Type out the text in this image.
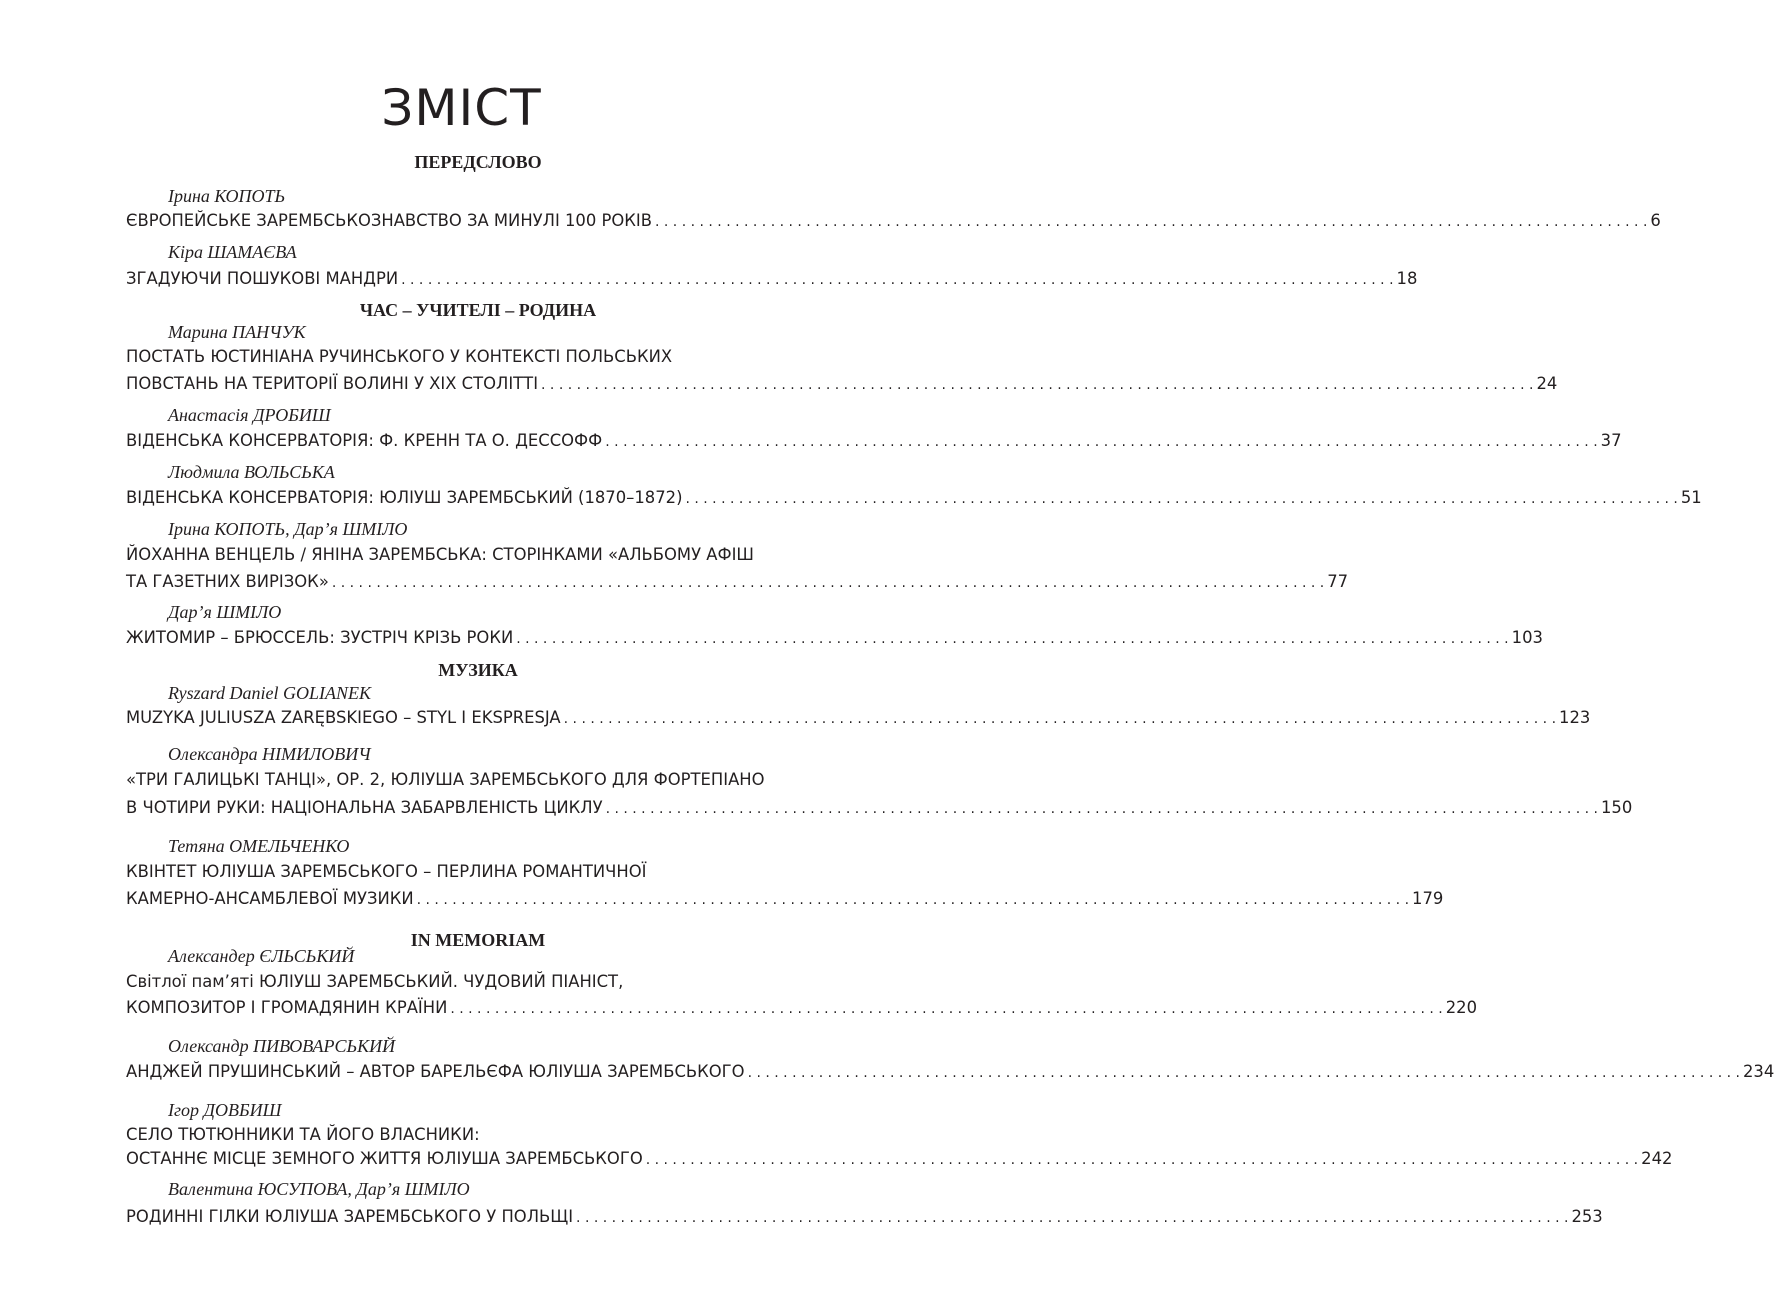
ЗМІСТ
ПЕРЕДСЛОВО
Ірина КОПОТЬ
ЄВРОПЕЙСЬКЕ ЗАРЕМБСЬКОЗНАВСТВО ЗА МИНУЛІ 100 РОКІВ . . .	6
Кіра ШАМАЄВА
ЗГАДУЮЧИ ПОШУКОВІ МАНДРИ . . .	18
ЧАС – УЧИТЕЛІ – РОДИНА
Марина ПАНЧУК
ПОСТАТЬ ЮСТИНІАНА РУЧИНСЬКОГО У КОНТЕКСТІ ПОЛЬСЬКИХ
ПОВСТАНЬ НА ТЕРИТОРІЇ ВОЛИНІ У ХІХ СТОЛІТТІ . . .	24
Анастасія ДРОБИШ
ВІДЕНСЬКА КОНСЕРВАТОРІЯ: Ф. КРЕНН ТА О. ДЕССОФФ . . .	37
Людмила ВОЛЬСЬКА
ВІДЕНСЬКА КОНСЕРВАТОРІЯ: ЮЛІУШ ЗАРЕМБСЬКИЙ (1870–1872) . . .	51
Ірина КОПОТЬ, Дар’я ШМІЛО
ЙОХАННА ВЕНЦЕЛЬ / ЯНІНА ЗАРЕМБСЬКА: СТОРІНКАМИ «АЛЬБОМУ АФІШ
ТА ГАЗЕТНИХ ВИРІЗОК» . . .	77
Дар’я ШМІЛО
ЖИТОМИР – БРЮССЕЛЬ: ЗУСТРІЧ КРІЗЬ РОКИ . . .	103
МУЗИКА
Ryszard Daniel GOLIANEK
MUZYKA JULIUSZA ZARĘBSKIEGO – STYL I EKSPRESJA . . .	123
Олександра НІМИЛОВИЧ
«ТРИ ГАЛИЦЬКІ ТАНЦІ», ОР. 2, ЮЛІУША ЗАРЕМБСЬКОГО ДЛЯ ФОРТЕПІАНО
В ЧОТИРИ РУКИ: НАЦІОНАЛЬНА ЗАБАРВЛЕНІСТЬ ЦИКЛУ . . .	150
Тетяна ОМЕЛЬЧЕНКО
КВІНТЕТ ЮЛІУША ЗАРЕМБСЬКОГО – ПЕРЛИНА РОМАНТИЧНОЇ
КАМЕРНО-АНСАМБЛЕВОЇ МУЗИКИ . . .	179
IN MEMORIAM
Александер ЄЛЬСЬКИЙ
Світлої пам’яті ЮЛІУШ ЗАРЕМБСЬКИЙ. ЧУДОВИЙ ПІАНІСТ,
КОМПОЗИТОР І ГРОМАДЯНИН КРАЇНИ . . .	220
Олександр ПИВОВАРСЬКИЙ
АНДЖЕЙ ПРУШИНСЬКИЙ – АВТОР БАРЕЛЬЄФА ЮЛІУША ЗАРЕМБСЬКОГО . . .	234
Ігор ДОВБИШ
СЕЛО ТЮТЮННИКИ ТА ЙОГО ВЛАСНИКИ:
ОСТАННЄ МІСЦЕ ЗЕМНОГО ЖИТТЯ ЮЛІУША ЗАРЕМБСЬКОГО . . .	242
Валентина ЮСУПОВА, Дар’я ШМІЛО
РОДИННІ ГІЛКИ ЮЛІУША ЗАРЕМБСЬКОГО У ПОЛЬЩІ . . .	253
